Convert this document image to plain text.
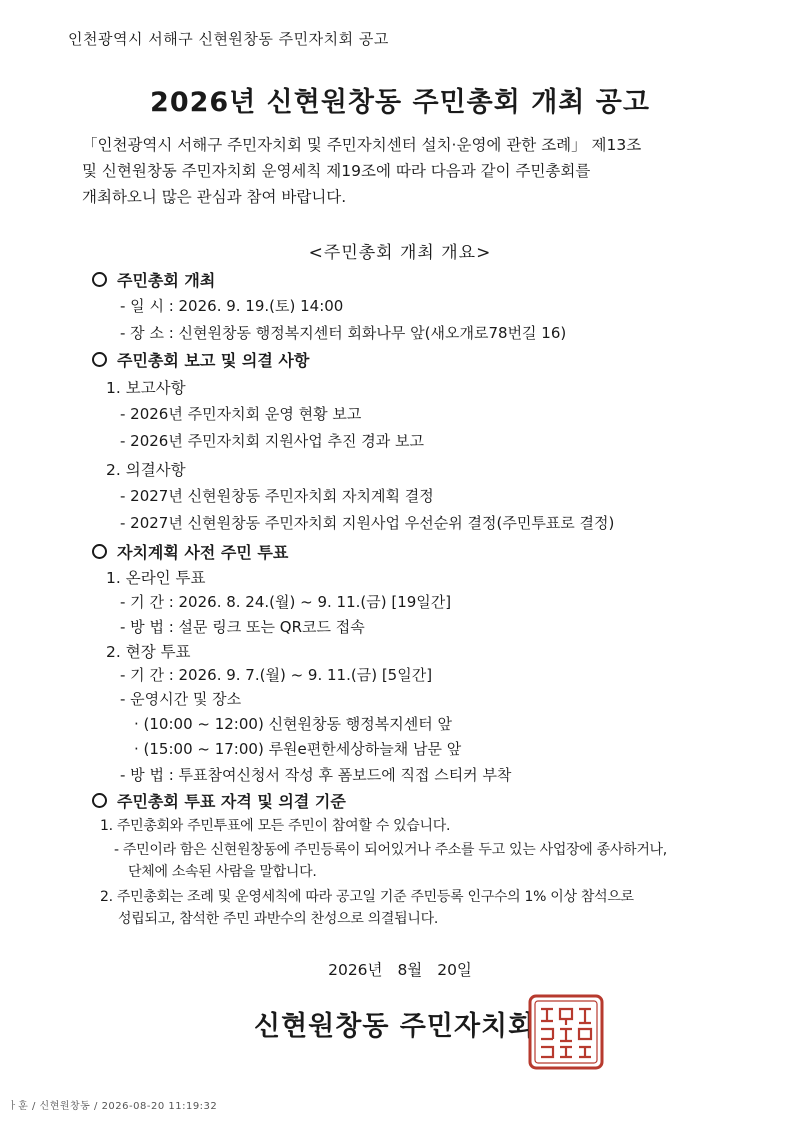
인천광역시 서해구 신현원창동 주민자치회 공고
2026년 신현원창동 주민총회 개최 공고
「인천광역시 서해구 주민자치회 및 주민자치센터 설치·운영에 관한 조례」 제13조
및 신현원창동 주민자치회 운영세칙 제19조에 따라 다음과 같이 주민총회를
개최하오니 많은 관심과 참여 바랍니다.
<주민총회 개최 개요>
주민총회 개최
- 일 시 : 2026. 9. 19.(토) 14:00
- 장 소 : 신현원창동 행정복지센터 회화나무 앞(새오개로78번길 16)
주민총회 보고 및 의결 사항
1. 보고사항
- 2026년 주민자치회 운영 현황 보고
- 2026년 주민자치회 지원사업 추진 경과 보고
2. 의결사항
- 2027년 신현원창동 주민자치회 자치계획 결정
- 2027년 신현원창동 주민자치회 지원사업 우선순위 결정(주민투표로 결정)
자치계획 사전 주민 투표
1. 온라인 투표
- 기 간 : 2026. 8. 24.(월) ~ 9. 11.(금) [19일간]
- 방 법 : 설문 링크 또는 QR코드 접속
2. 현장 투표
- 기 간 : 2026. 9. 7.(월) ~ 9. 11.(금) [5일간]
- 운영시간 및 장소
· (10:00 ~ 12:00) 신현원창동 행정복지센터 앞
· (15:00 ~ 17:00) 루원e편한세상하늘채 남문 앞
- 방 법 : 투표참여신청서 작성 후 폼보드에 직접 스티커 부착
주민총회 투표 자격 및 의결 기준
1. 주민총회와 주민투표에 모든 주민이 참여할 수 있습니다.
- 주민이라 함은 신현원창동에 주민등록이 되어있거나 주소를 두고 있는 사업장에 종사하거나,
단체에 소속된 사람을 말합니다.
2. 주민총회는 조례 및 운영세칙에 따라 공고일 기준 주민등록 인구수의 1% 이상 참석으로
성립되고, 참석한 주민 과반수의 찬성으로 의결됩니다.
2026년 8월 20일
신현원창동 주민자치회
ㅏ훈 / 신현원창동 / 2026-08-20 11:19:32
